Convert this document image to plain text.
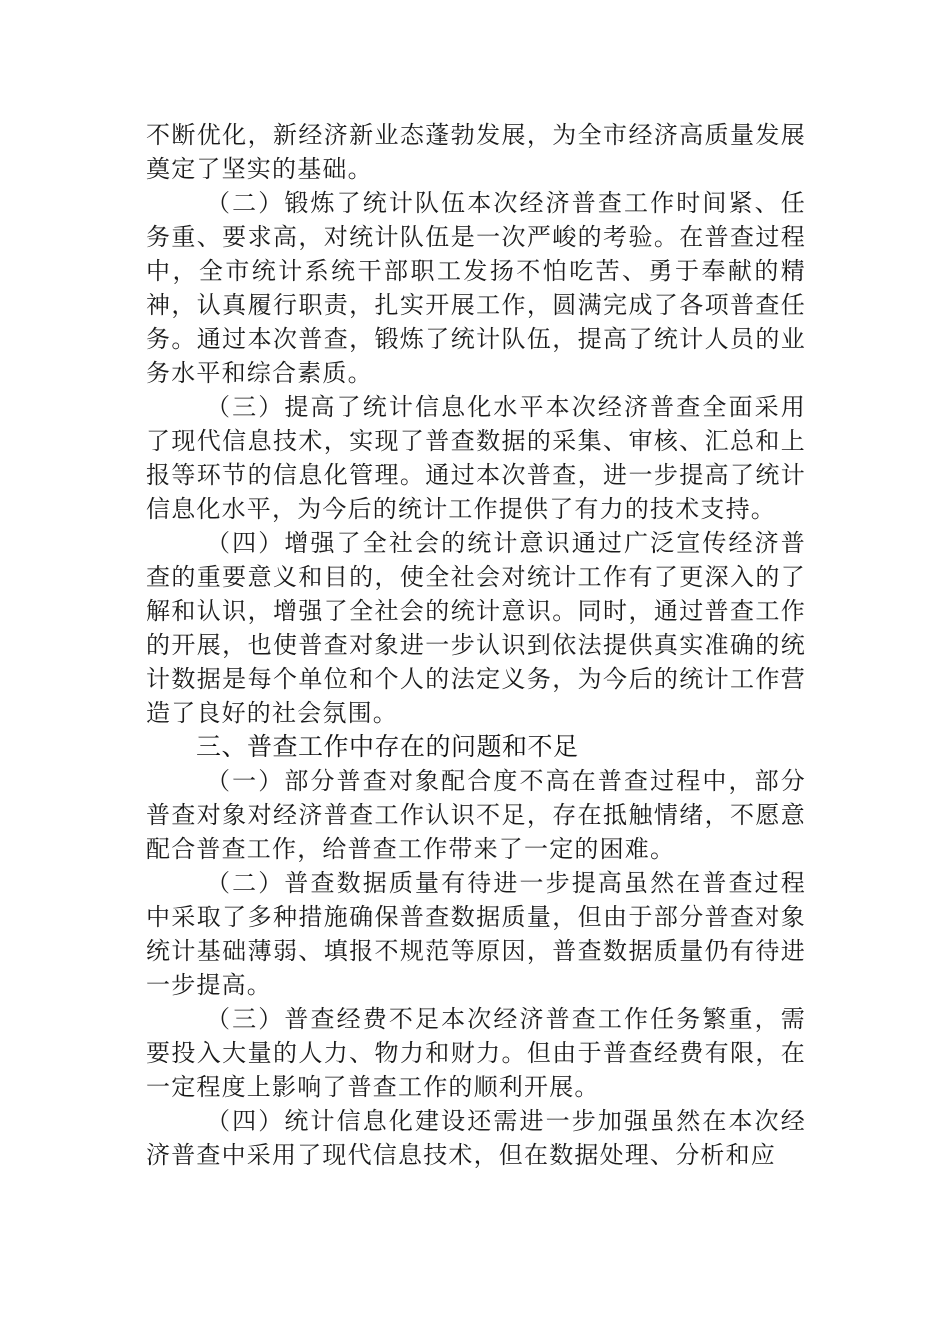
不断优化，新经济新业态蓬勃发展，为全市经济高质量发展奠定了坚实的基础。

（二）锻炼了统计队伍本次经济普查工作时间紧、任务重、要求高，对统计队伍是一次严峻的考验。在普查过程中，全市统计系统干部职工发扬不怕吃苦、勇于奉献的精神，认真履行职责，扎实开展工作，圆满完成了各项普查任务。通过本次普查，锻炼了统计队伍，提高了统计人员的业务水平和综合素质。

（三）提高了统计信息化水平本次经济普查全面采用了现代信息技术，实现了普查数据的采集、审核、汇总和上报等环节的信息化管理。通过本次普查，进一步提高了统计信息化水平，为今后的统计工作提供了有力的技术支持。

（四）增强了全社会的统计意识通过广泛宣传经济普查的重要意义和目的，使全社会对统计工作有了更深入的了解和认识，增强了全社会的统计意识。同时，通过普查工作的开展，也使普查对象进一步认识到依法提供真实准确的统计数据是每个单位和个人的法定义务，为今后的统计工作营造了良好的社会氛围。

三、普查工作中存在的问题和不足

（一）部分普查对象配合度不高在普查过程中，部分普查对象对经济普查工作认识不足，存在抵触情绪，不愿意配合普查工作，给普查工作带来了一定的困难。

（二）普查数据质量有待进一步提高虽然在普查过程中采取了多种措施确保普查数据质量，但由于部分普查对象统计基础薄弱、填报不规范等原因，普查数据质量仍有待进一步提高。

（三）普查经费不足本次经济普查工作任务繁重，需要投入大量的人力、物力和财力。但由于普查经费有限，在一定程度上影响了普查工作的顺利开展。

（四）统计信息化建设还需进一步加强虽然在本次经济普查中采用了现代信息技术，但在数据处理、分析和应
